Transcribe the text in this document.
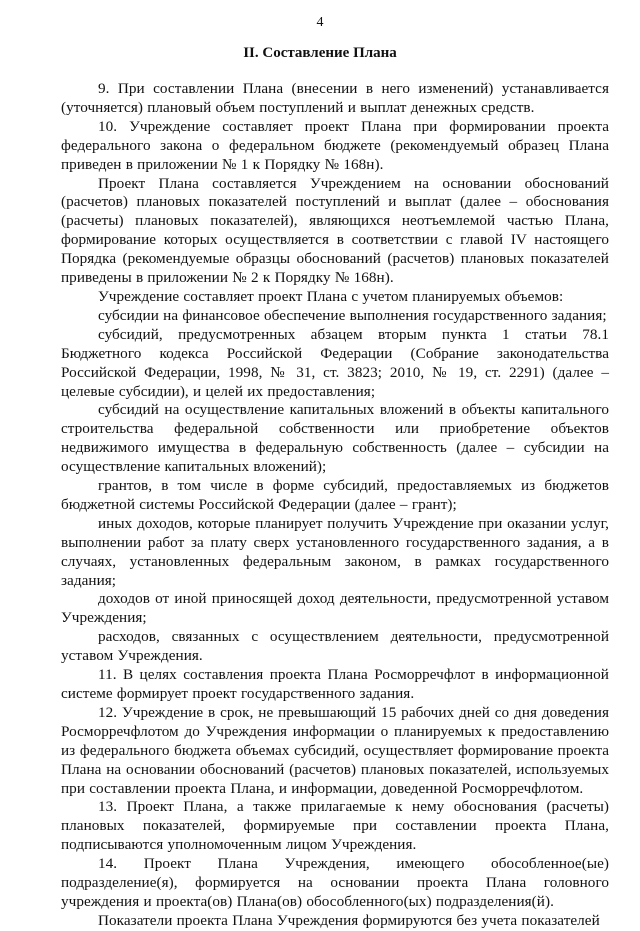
4
II. Составление Плана

9. При составлении Плана (внесении в него изменений) устанавливается (уточняется) плановый объем поступлений и выплат денежных средств.

10. Учреждение составляет проект Плана при формировании проекта федерального закона о федеральном бюджете (рекомендуемый образец Плана приведен в приложении № 1 к Порядку № 168н).

Проект Плана составляется Учреждением на основании обоснований (расчетов) плановых показателей поступлений и выплат (далее – обоснования (расчеты) плановых показателей), являющихся неотъемлемой частью Плана, формирование которых осуществляется в соответствии с главой IV настоящего Порядка (рекомендуемые образцы обоснований (расчетов) плановых показателей приведены в приложении № 2 к Порядку № 168н).

Учреждение составляет проект Плана с учетом планируемых объемов:

субсидии на финансовое обеспечение выполнения государственного задания;

субсидий, предусмотренных абзацем вторым пункта 1 статьи 78.1 Бюджетного кодекса Российской Федерации (Собрание законодательства Российской Федерации, 1998, № 31, ст. 3823; 2010, № 19, ст. 2291) (далее – целевые субсидии), и целей их предоставления;

субсидий на осуществление капитальных вложений в объекты капитального строительства федеральной собственности или приобретение объектов недвижимого имущества в федеральную собственность (далее – субсидии на осуществление капитальных вложений);

грантов, в том числе в форме субсидий, предоставляемых из бюджетов бюджетной системы Российской Федерации (далее – грант);

иных доходов, которые планирует получить Учреждение при оказании услуг, выполнении работ за плату сверх установленного государственного задания, а в случаях, установленных федеральным законом, в рамках государственного задания;

доходов от иной приносящей доход деятельности, предусмотренной уставом Учреждения;

расходов, связанных с осуществлением деятельности, предусмотренной уставом Учреждения.

11. В целях составления проекта Плана Росморречфлот в информационной системе формирует проект государственного задания.

12. Учреждение в срок, не превышающий 15 рабочих дней со дня доведения Росморречфлотом до Учреждения информации о планируемых к предоставлению из федерального бюджета объемах субсидий, осуществляет формирование проекта Плана на основании обоснований (расчетов) плановых показателей, используемых при составлении проекта Плана, и информации, доведенной Росморречфлотом.

13. Проект Плана, а также прилагаемые к нему обоснования (расчеты) плановых показателей, формируемые при составлении проекта Плана, подписываются уполномоченным лицом Учреждения.

14. Проект Плана Учреждения, имеющего обособленное(ые) подразделение(я), формируется на основании проекта Плана головного учреждения и проекта(ов) Плана(ов) обособленного(ых) подразделения(й).

Показатели проекта Плана Учреждения формируются без учета показателей
